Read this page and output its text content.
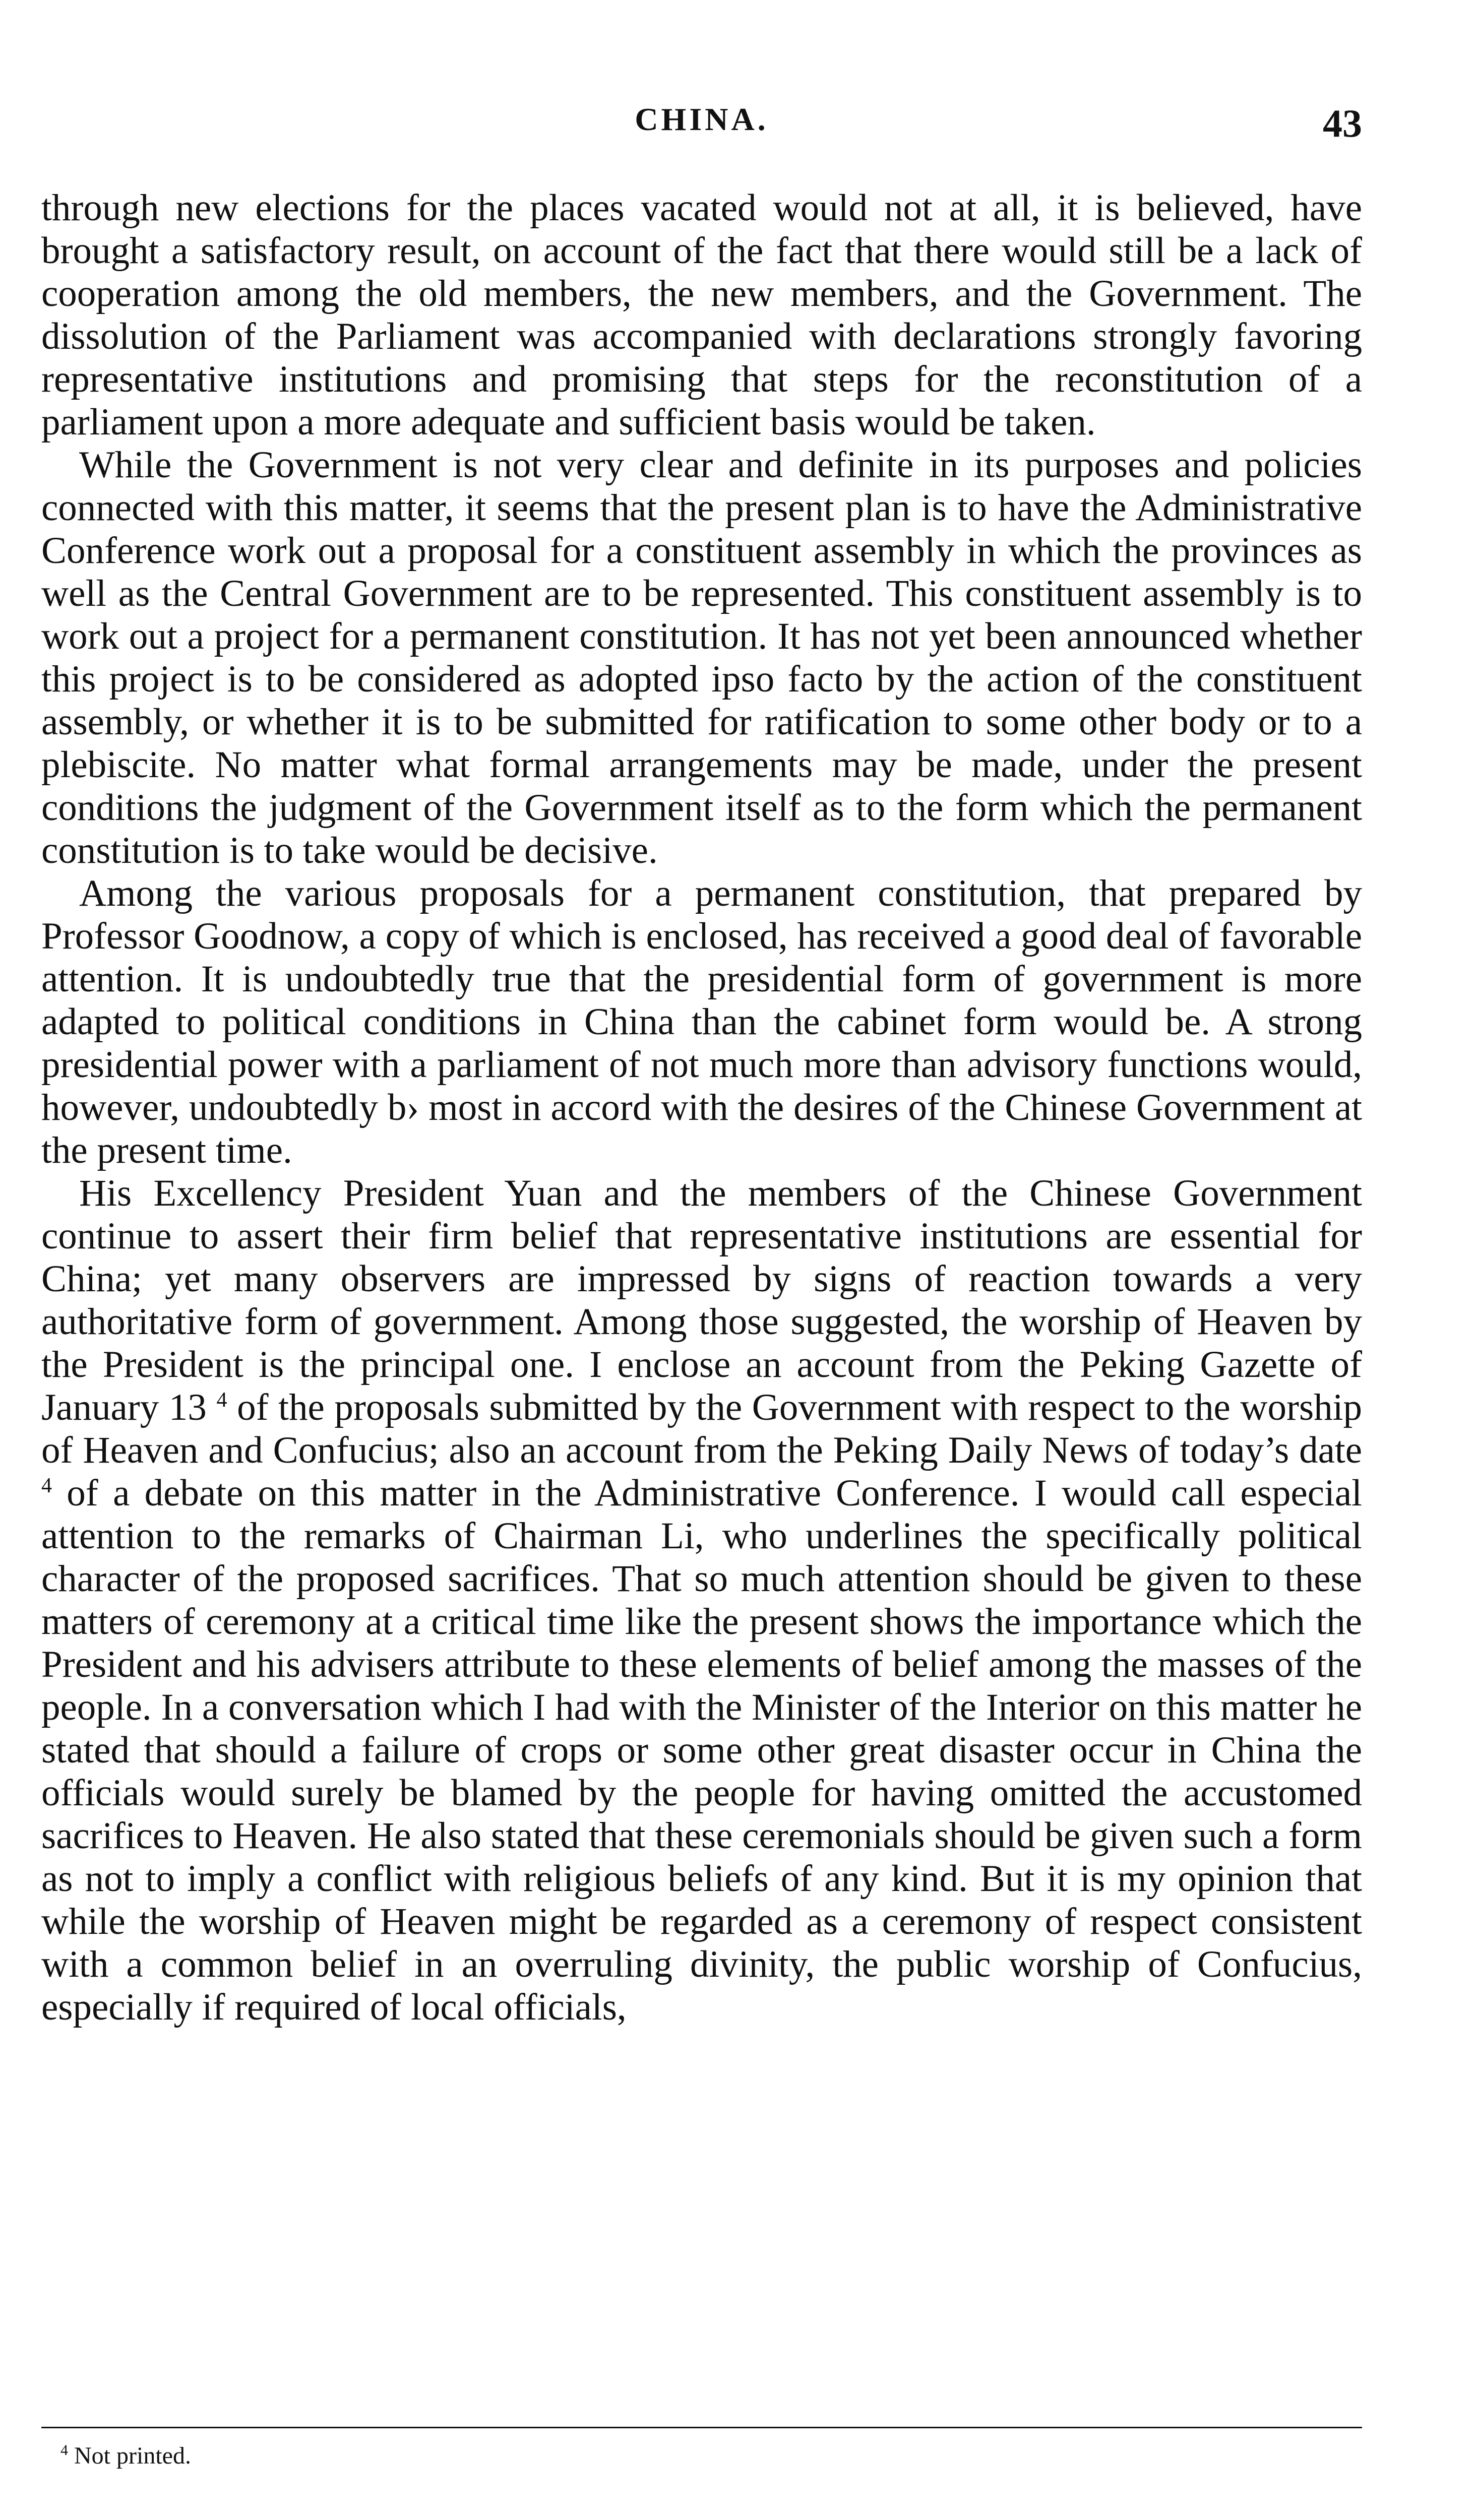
CHINA.	43

through new elections for the places vacated would not at all, it is believed, have brought a satisfactory result, on account of the fact that there would still be a lack of cooperation among the old members, the new members, and the Government. The dissolution of the Parliament was accompanied with declarations strongly favoring representative institutions and promising that steps for the reconstitution of a parliament upon a more adequate and sufficient basis would be taken.

While the Government is not very clear and definite in its purposes and policies connected with this matter, it seems that the present plan is to have the Administrative Conference work out a proposal for a constituent assembly in which the provinces as well as the Central Government are to be represented. This constituent assembly is to work out a project for a permanent constitution. It has not yet been announced whether this project is to be considered as adopted ipso facto by the action of the constituent assembly, or whether it is to be submitted for ratification to some other body or to a plebiscite. No matter what formal arrangements may be made, under the present conditions the judgment of the Government itself as to the form which the permanent constitution is to take would be decisive.

Among the various proposals for a permanent constitution, that prepared by Professor Goodnow, a copy of which is enclosed, has received a good deal of favorable attention. It is undoubtedly true that the presidential form of government is more adapted to political conditions in China than the cabinet form would be. A strong presidential power with a parliament of not much more than advisory functions would, however, undoubtedly b› most in accord with the desires of the Chinese Government at the present time.

His Excellency President Yuan and the members of the Chinese Government continue to assert their firm belief that representative institutions are essential for China; yet many observers are impressed by signs of reaction towards a very authoritative form of government. Among those suggested, the worship of Heaven by the President is the principal one. I enclose an account from the Peking Gazette of January 13 $^4$ of the proposals submitted by the Government with respect to the worship of Heaven and Confucius; also an account from the Peking Daily News of today’s date $^4$ of a debate on this matter in the Administrative Conference. I would call especial attention to the remarks of Chairman Li, who underlines the specifically political character of the proposed sacrifices. That so much attention should be given to these matters of ceremony at a critical time like the present shows the importance which the President and his advisers attribute to these elements of belief among the masses of the people. In a conversation which I had with the Minister of the Interior on this matter he stated that should a failure of crops or some other great disaster occur in China the officials would surely be blamed by the people for having omitted the accustomed sacrifices to Heaven. He also stated that these ceremonials should be given such a form as not to imply a conflict with religious beliefs of any kind. But it is my opinion that while the worship of Heaven might be regarded as a ceremony of respect consistent with a common belief in an overruling divinity, the public worship of Confucius, especially if required of local officials,

$^4$ Not printed.
